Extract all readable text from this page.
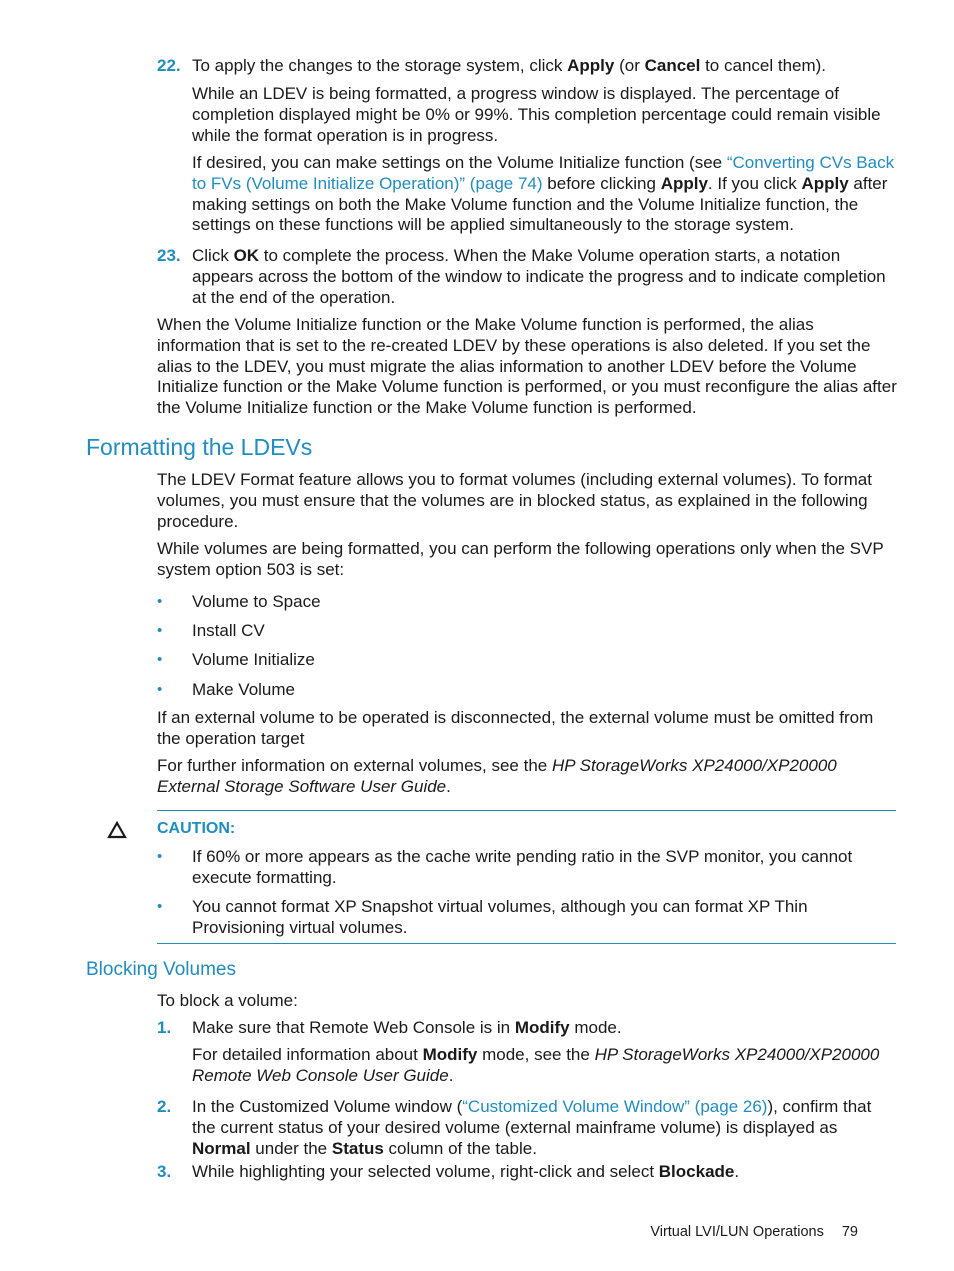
22. To apply the changes to the storage system, click Apply (or Cancel to cancel them).

While an LDEV is being formatted, a progress window is displayed. The percentage of completion displayed might be 0% or 99%. This completion percentage could remain visible while the format operation is in progress.

If desired, you can make settings on the Volume Initialize function (see “Converting CVs Back to FVs (Volume Initialize Operation)” (page 74) before clicking Apply. If you click Apply after making settings on both the Make Volume function and the Volume Initialize function, the settings on these functions will be applied simultaneously to the storage system.

23. Click OK to complete the process. When the Make Volume operation starts, a notation appears across the bottom of the window to indicate the progress and to indicate completion at the end of the operation.

When the Volume Initialize function or the Make Volume function is performed, the alias information that is set to the re-created LDEV by these operations is also deleted. If you set the alias to the LDEV, you must migrate the alias information to another LDEV before the Volume Initialize function or the Make Volume function is performed, or you must reconfigure the alias after the Volume Initialize function or the Make Volume function is performed.

Formatting the LDEVs

The LDEV Format feature allows you to format volumes (including external volumes). To format volumes, you must ensure that the volumes are in blocked status, as explained in the following procedure.

While volumes are being formatted, you can perform the following operations only when the SVP system option 503 is set:

• Volume to Space
• Install CV
• Volume Initialize
• Make Volume

If an external volume to be operated is disconnected, the external volume must be omitted from the operation target

For further information on external volumes, see the HP StorageWorks XP24000/XP20000 External Storage Software User Guide.

CAUTION:
• If 60% or more appears as the cache write pending ratio in the SVP monitor, you cannot execute formatting.
• You cannot format XP Snapshot virtual volumes, although you can format XP Thin Provisioning virtual volumes.
Blocking Volumes

To block a volume:

1. Make sure that Remote Web Console is in Modify mode.

For detailed information about Modify mode, see the HP StorageWorks XP24000/XP20000 Remote Web Console User Guide.

2. In the Customized Volume window (“Customized Volume Window” (page 26)), confirm that the current status of your desired volume (external mainframe volume) is displayed as Normal under the Status column of the table.

3. While highlighting your selected volume, right-click and select Blockade.

Virtual LVI/LUN Operations 79
